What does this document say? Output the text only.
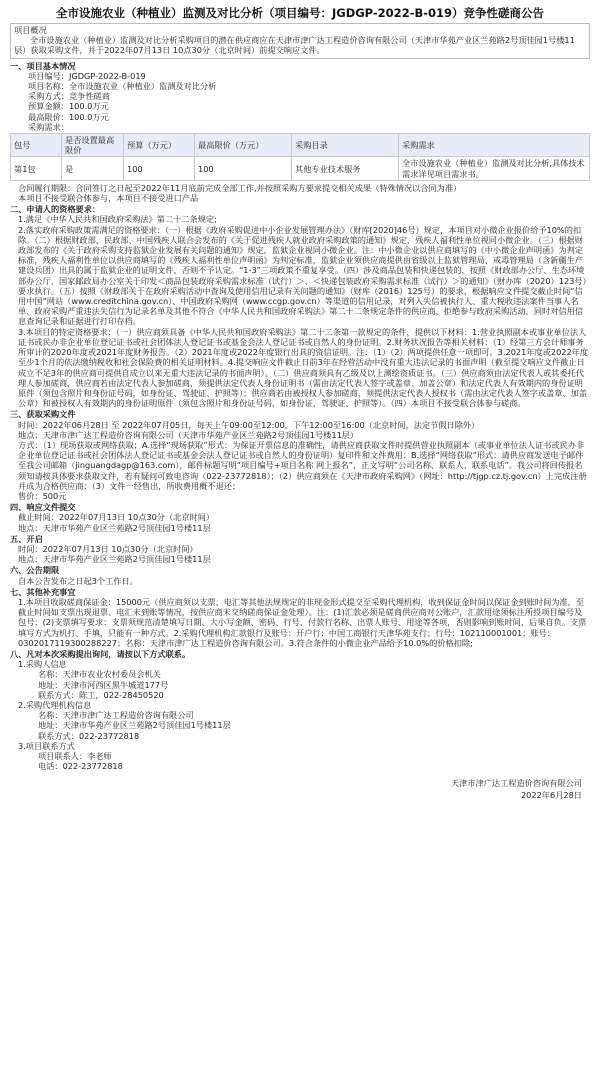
全市设施农业（种植业）监测及对比分析（项目编号：JGDGP-2022-B-019）竞争性磋商公告
项目概况
全市设施农业（种植业）监测及对比分析采购项目的潜在供应商应在天津市津广达工程造价咨询有限公司（天津市华苑产业区兰苑路2号顶佳园1号楼11层）获取采购文件，并于2022年07月13日 10点30分（北京时间）前提交响应文件。
一、项目基本情况

项目编号：JGDGP-2022-B-019

项目名称：全市设施农业（种植业）监测及对比分析

采购方式：竞争性磋商

预算金额：100.0万元

最高限价：100.0万元

采购需求：

包号	是否设置最高限价	预算（万元）	最高限价（万元）	采购目录	采购需求
第1包	是	100	100	其他专业技术服务	全市设施农业（种植业）监测及对比分析,具体技术需求详见项目需求书。

合同履行期限：合同签订之日起至2022年11月底前完成全部工作,并按照采购方要求提交相关成果（特殊情况以合同为准）

本项目不接受联合体参与，本项目不接受进口产品

二、申请人的资格要求：

1.满足《中华人民共和国政府采购法》第二十二条规定;

2.落实政府采购政策需满足的资格要求：（一）根据《政府采购促进中小企业发展管理办法》（财库[2020]46号）规定，本项目对小微企业报价给予10%的扣除。（二）根据财政部、民政部、中国残疾人联合会发布的《关于促进残疾人就业政府采购政策的通知》规定，残疾人福利性单位视同小微企业。（三）根据财政部发布的《关于政府采购支持监狱企业发展有关问题的通知》规定，监狱企业视同小微企业。注：中小微企业以供应商填写的《中小微企业声明函》为判定标准，残疾人福利性单位以供应商填写的《残疾人福利性单位声明函》为判定标准，监狱企业须供应商提供由省级以上监狱管理局、戒毒管理局（含新疆生产建设兵团）出具的属于监狱企业的证明文件，否则不予认定。“1-3”三项政策不重复享受。（四）涉及商品包装和快递包装的，按照《财政部办公厅、生态环境部办公厅、国家邮政局办公室关于印发＜商品包装政府采购需求标准（试行）＞、＜快递包装政府采购需求标准（试行）＞的通知》（财办库（2020）123号）要求执行。（五）按照《财政部关于在政府采购活动中查询及使用信用记录有关问题的通知》（财库（2016）125号）的要求，根据响应文件提交截止时间“信用中国”网站（www.creditchina.gov.cn）、中国政府采购网（www.ccgp.gov.cn）等渠道的信用记录，对列入失信被执行人、重大税收违法案件当事人名单、政府采购严重违法失信行为记录名单及其他不符合《中华人民共和国政府采购法》第二十二条规定条件的供应商，拒绝参与政府采购活动，同时对信用信息查询记录和证据进行打印存档。

3.本项目的特定资格要求：（一）供应商须具备《中华人民共和国政府采购法》第二十二条第一款规定的条件，提供以下材料：1.营业执照副本或事业单位法人证书或民办非企业单位登记证书或社会团体法人登记证书或基金会法人登记证书或自然人的身份证明。2.财务状况报告等相关材料：（1）经第三方会计师事务所审计的2020年度或2021年度财务报告。（2）2021年度或2022年度银行出具的资信证明。注：（1）（2）两项提供任意一项即可。3.2021年度或2022年度至少1个月的依法缴纳税收和社会保险费的相关证明材料。4.提交响应文件截止日前3年在经营活动中没有重大违法记录的书面声明（截至提交响应文件截止日成立不足3年的供应商可提供自成立以来无重大违法记录的书面声明）。（二）供应商须具有乙级及以上测绘资质证书。（三）供应商须由法定代表人或其委托代理人参加磋商，供应商若由法定代表人参加磋商，须提供法定代表人身份证明书（需由法定代表人签字或盖章、加盖公章）和法定代表人有效期内的身份证明原件（须包含照片和身份证号码，如身份证、驾驶证、护照等）；供应商若由被授权人参加磋商，须提供法定代表人授权书（需由法定代表人签字或盖章、加盖公章）和被授权人有效期内的身份证明原件（须包含照片和身份证号码，如身份证、驾驶证、护照等）。（四）本项目不接受联合体参与磋商。

三、获取采购文件

时间：2022年06月28日 至 2022年07月05日，每天上午09:00至12:00，下午12:00至16:00（北京时间，法定节假日除外）

地点：天津市津广达工程造价咨询有限公司（天津市华苑产业区兰苑路2号顶佳园1号楼11层）

方式：（1）现场获取或网络获取；A.选择“现场获取”形式：为保证开票信息的准确性，请供应商获取文件时提供营业执照副本（或事业单位法人证书或民办非企业单位登记证书或社会团体法人登记证书或基金会法人登记证书或自然人的身份证明）复印件和文件费用；B.选择“网络获取”形式：请供应商发送电子邮件至我公司邮箱（jinguangdagp@163.com），邮件标题写明“项目编号+项目名称 网上报名”，正文写明“公司名称、联系人、联系电话”。我公司将回传报名须知请按具体要求获取文件，若有疑问可致电咨询（022-23772818）；（2）供应商须在《天津市政府采购网》（网址：http://tjgp.cz.tj.gov.cn）上完成注册并成为合格供应商；（3）文件一经售出，所收费用概不退还；

售价：500元

四、响应文件提交

截止时间：2022年07月13日 10点30分（北京时间）

地点：天津市华苑产业区兰苑路2号顶佳园1号楼11层

五、开启

时间：2022年07月13日 10点30分（北京时间）

地点：天津市华苑产业区兰苑路2号顶佳园1号楼11层

六、公告期限

自本公告发布之日起3个工作日。

七、其他补充事宜

1.本项目收取磋商保证金：15000元（供应商须以支票、电汇等其他法规规定的非现金形式提交至采购代理机构，收到保证金时间以保证金到账时间为准，至截止时间如支票出现退票、电汇未到账等情况，按供应商未交纳磋商保证金处理）。注：(1)汇款必须是磋商供应商对公账户，汇款用途须标注所投项目编号及包号；(2)支票填写要求：支票须规范清楚填写日期、大小写金额、密码、行号、付款行名称、出票人账号、用途等各项，否则影响到账时间，后果自负。支票填写方式为机打、手填，只能有一种方式。2.采购代理机构汇款银行及账号：开户行：中国工商银行天津华苑支行；行号：102110001001；账号：0302017119300288227；名称：天津市津广达工程造价咨询有限公司。3.符合条件的小微企业产品给予10.0%的价格扣除;

八、凡对本次采购提出询问，请按以下方式联系。

1.采购人信息

名称：天津市农业农村委员会机关

地址：天津市河西区黑牛城道177号

联系方式：陈工，022-28450520

2.采购代理机构信息

名称：天津市津广达工程造价咨询有限公司

地址：天津市华苑产业区兰苑路2号顶佳园1号楼11层

联系方式：022-23772818

3.项目联系方式

项目联系人：李老师

电话：022-23772818

天津市津广达工程造价咨询有限公司
2022年6月28日
